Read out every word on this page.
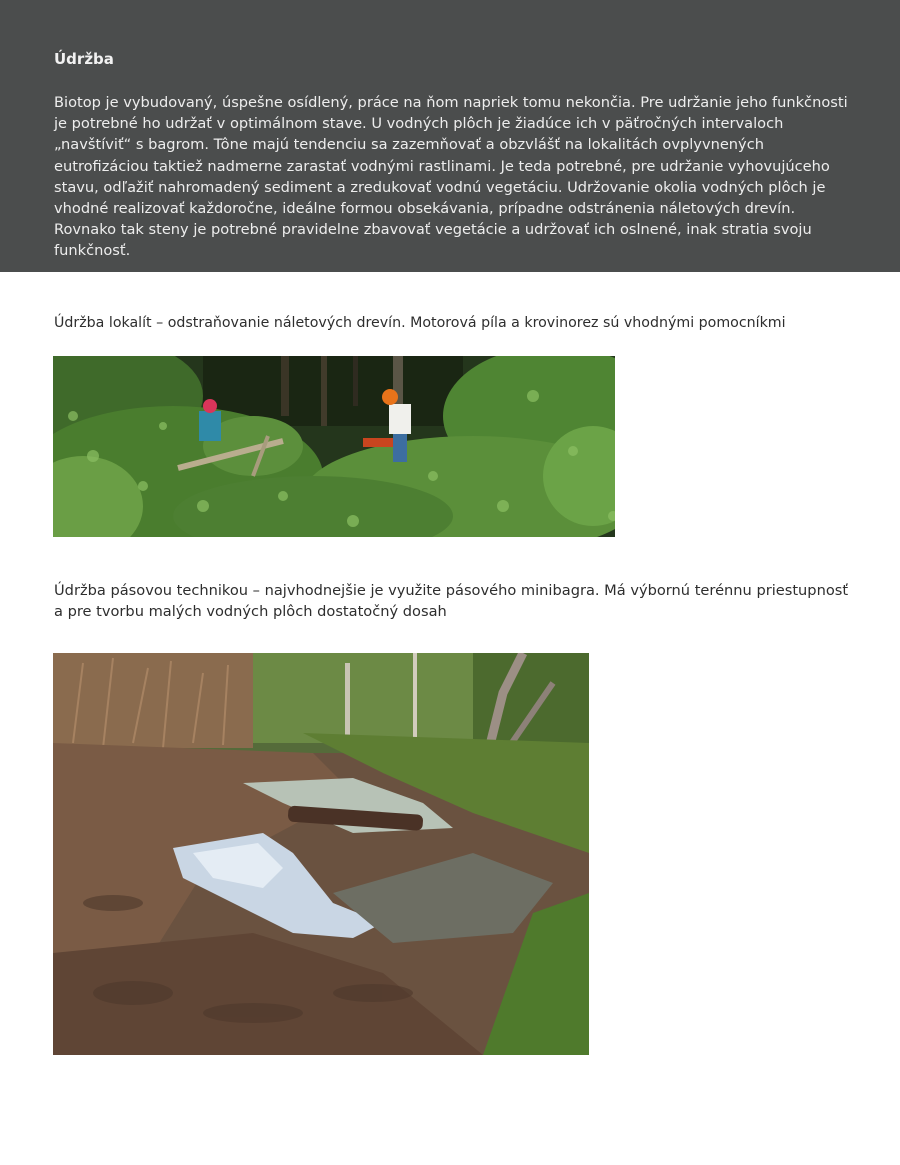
Údržba

Biotop je vybudovaný, úspešne osídlený, práce na ňom napriek tomu nekončia. Pre udržanie jeho funkčnosti je potrebné ho udržať v optimálnom stave. U vodných plôch je žiadúce ich v päťročných intervaloch „navštíviť“ s bagrom. Tône majú tendenciu sa zazemňovať a obzvlášť na lokalitách ovplyvnených eutrofizáciou taktiež nadmerne zarastať vodnými rastlinami. Je teda potrebné, pre udržanie vyhovujúceho stavu, odľažiť nahromadený sediment a zredukovať vodnú vegetáciu. Udržovanie okolia vodných plôch je vhodné realizovať každoročne, ideálne formou obsekávania, prípadne odstránenia náletových drevín. Rovnako tak steny je potrebné pravidelne zbavovať vegetácie a udržovať ich oslnené, inak stratia svoju funkčnosť.

Údržba lokalít – odstraňovanie náletových drevín. Motorová píla a krovinorez sú vhodnými pomocníkmi

Údržba pásovou technikou – najvhodnejšie je využite pásového minibagra. Má výbornú terénnu priestupnosť a pre tvorbu malých vodných plôch dostatočný dosah
